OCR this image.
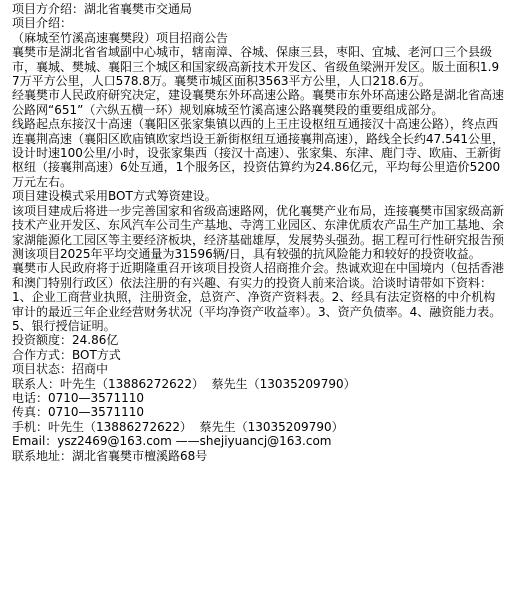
项目方介绍：湖北省襄樊市交通局

项目介绍：

（麻城至竹溪高速襄樊段）项目招商公告

襄樊市是湖北省省域副中心城市，辖南漳、谷城、保康三县，枣阳、宜城、老河口三个县级市，襄城、樊城、襄阳三个城区和国家级高新技术开发区、省级鱼梁洲开发区。版土面积1.97万平方公里，人口578.8万。襄樊市城区面积3563平方公里，人口218.6万。

经襄樊市人民政府研究决定，建设襄樊东外环高速公路。襄樊市东外环高速公路是湖北省高速公路网“651”（六纵五横一环）规划麻城至竹溪高速公路襄樊段的重要组成部分。

线路起点东接汉十高速（襄阳区张家集镇以西的上王庄设枢纽互通接汉十高速公路），终点西连襄荆高速（襄阳区欧庙镇欧家垱设王新街枢纽互通接襄荆高速），路线全长约47.541公里，设计时速100公里/小时，设张家集西（接汉十高速）、张家集、东津、鹿门寺、欧庙、王新街枢纽（接襄荆高速）6处互通，1个服务区，投资估算约为24.86亿元，平均每公里造价5200万元左右。

项目建设模式采用BOT方式筹资建设。

该项目建成后将进一步完善国家和省级高速路网，优化襄樊产业布局，连接襄樊市国家级高新技术产业开发区、东风汽车公司生产基地、寺湾工业园区、东津优质农产品生产加工基地、余家湖能源化工园区等主要经济板块，经济基础雄厚，发展势头强劲。据工程可行性研究报告预测该项目2025年平均交通量为31596辆/日，具有较强的抗风险能力和较好的投资收益。

襄樊市人民政府将于近期隆重召开该项目投资人招商推介会。热诚欢迎在中国境内（包括香港和澳门特别行政区）依法注册的有兴趣、有实力的投资人前来洽谈。洽谈时请带如下资料：1、企业工商营业执照，注册资金，总资产、净资产资料表。2、经具有法定资格的中介机构审计的最近三年企业经营财务状况（平均净资产收益率）。3、资产负债率。4、融资能力表。5、银行授信证明。

投资额度：24.86亿

合作方式：BOT方式

项目状态：招商中

联系人：叶先生（13886272622）  蔡先生（13035209790）

电话：0710—3571110

传真：0710—3571110

手机：叶先生（13886272622）  蔡先生（13035209790）

Email：ysz2469@163.com ——shejiyuancj@163.com

联系地址：湖北省襄樊市檀溪路68号
